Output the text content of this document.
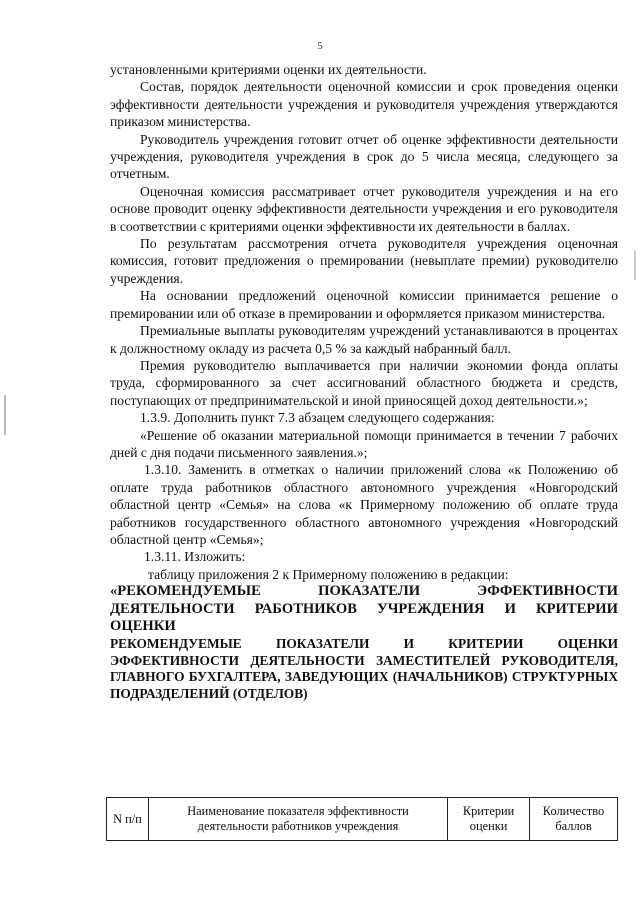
5

установленными критериями оценки их деятельности.

Состав, порядок деятельности оценочной комиссии и срок проведения оценки эффективности деятельности учреждения и руководителя учреждения утверждаются приказом министерства.

Руководитель учреждения готовит отчет об оценке эффективности деятельности учреждения, руководителя учреждения в срок до 5 числа месяца, следующего за отчетным.

Оценочная комиссия рассматривает отчет руководителя учреждения и на его основе проводит оценку эффективности деятельности учреждения и его руководителя в соответствии с критериями оценки эффективности их деятельности в баллах.

По результатам рассмотрения отчета руководителя учреждения оценочная комиссия, готовит предложения о премировании (невыплате премии) руководителю учреждения.

На основании предложений оценочной комиссии принимается решение о премировании или об отказе в премировании и оформляется приказом министерства.

Премиальные выплаты руководителям учреждений устанавливаются в процентах к должностному окладу из расчета 0,5 % за каждый набранный балл.

Премия руководителю выплачивается при наличии экономии фонда оплаты труда, сформированного за счет ассигнований областного бюджета и средств, поступающих от предпринимательской и иной приносящей доход деятельности.»;

1.3.9. Дополнить пункт 7.3 абзацем следующего содержания:

«Решение об оказании материальной помощи принимается в течении 7 рабочих дней с дня подачи письменного заявления.»;

1.3.10. Заменить в отметках о наличии приложений слова «к Положению об оплате труда работников областного автономного учреждения «Новгородский областной центр «Семья» на слова «к Примерному положению об оплате труда работников государственного областного автономного учреждения «Новгородский областной центр «Семья»;

1.3.11. Изложить:

таблицу приложения 2 к Примерному положению в редакции:

«РЕКОМЕНДУЕМЫЕ ПОКАЗАТЕЛИ ЭФФЕКТИВНОСТИ ДЕЯТЕЛЬНОСТИ РАБОТНИКОВ УЧРЕЖДЕНИЯ И КРИТЕРИИ ОЦЕНКИ

РЕКОМЕНДУЕМЫЕ ПОКАЗАТЕЛИ И КРИТЕРИИ ОЦЕНКИ ЭФФЕКТИВНОСТИ ДЕЯТЕЛЬНОСТИ ЗАМЕСТИТЕЛЕЙ РУКОВОДИТЕЛЯ, ГЛАВНОГО БУХГАЛТЕРА, ЗАВЕДУЮЩИХ (НАЧАЛЬНИКОВ) СТРУКТУРНЫХ ПОДРАЗДЕЛЕНИЙ (ОТДЕЛОВ)

N п/п	Наименование показателя эффективности деятельности работников учреждения	Критерии оценки	Количество баллов
